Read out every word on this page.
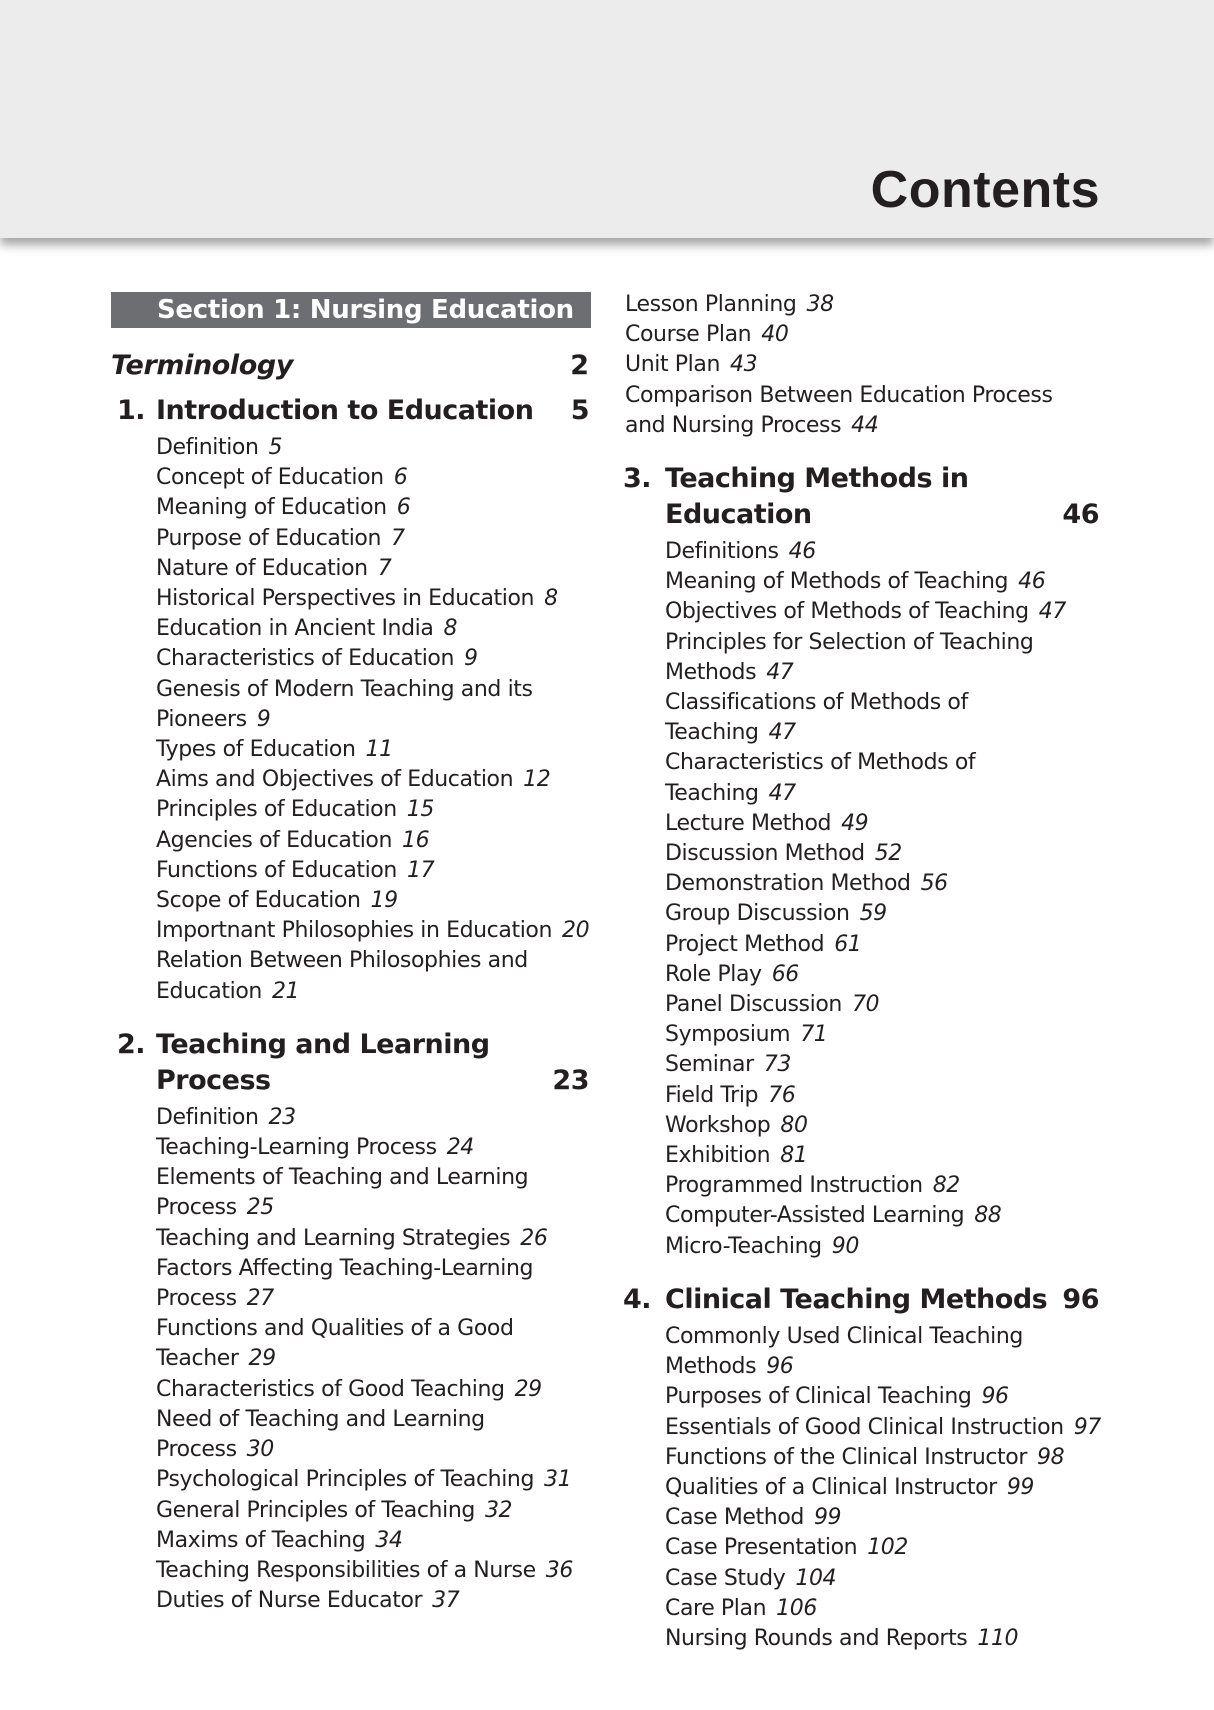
Contents
Section 1: Nursing Education
Terminology	2
1. Introduction to Education	5
Definition 5
Concept of Education 6
Meaning of Education 6
Purpose of Education 7
Nature of Education 7
Historical Perspectives in Education 8
Education in Ancient India 8
Characteristics of Education 9
Genesis of Modern Teaching and its
Pioneers 9
Types of Education 11
Aims and Objectives of Education 12
Principles of Education 15
Agencies of Education 16
Functions of Education 17
Scope of Education 19
Importnant Philosophies in Education 20
Relation Between Philosophies and
Education 21
2. Teaching and Learning
Process	23
Definition 23
Teaching-Learning Process 24
Elements of Teaching and Learning
Process 25
Teaching and Learning Strategies 26
Factors Affecting Teaching-Learning
Process 27
Functions and Qualities of a Good
Teacher 29
Characteristics of Good Teaching 29
Need of Teaching and Learning
Process 30
Psychological Principles of Teaching 31
General Principles of Teaching 32
Maxims of Teaching 34
Teaching Responsibilities of a Nurse 36
Duties of Nurse Educator 37
Lesson Planning 38
Course Plan 40
Unit Plan 43
Comparison Between Education Process
and Nursing Process 44
3. Teaching Methods in
Education	46
Definitions 46
Meaning of Methods of Teaching 46
Objectives of Methods of Teaching 47
Principles for Selection of Teaching
Methods 47
Classifications of Methods of Teaching 47
Characteristics of Methods of
Teaching 47
Lecture Method 49
Discussion Method 52
Demonstration Method 56
Group Discussion 59
Project Method 61
Role Play 66
Panel Discussion 70
Symposium 71
Seminar 73
Field Trip 76
Workshop 80
Exhibition 81
Programmed Instruction 82
Computer-Assisted Learning 88
Micro-Teaching 90
4. Clinical Teaching Methods 96
Commonly Used Clinical Teaching
Methods 96
Purposes of Clinical Teaching 96
Essentials of Good Clinical Instruction 97
Functions of the Clinical Instructor 98
Qualities of a Clinical Instructor 99
Case Method 99
Case Presentation 102
Case Study 104
Care Plan 106
Nursing Rounds and Reports 110
